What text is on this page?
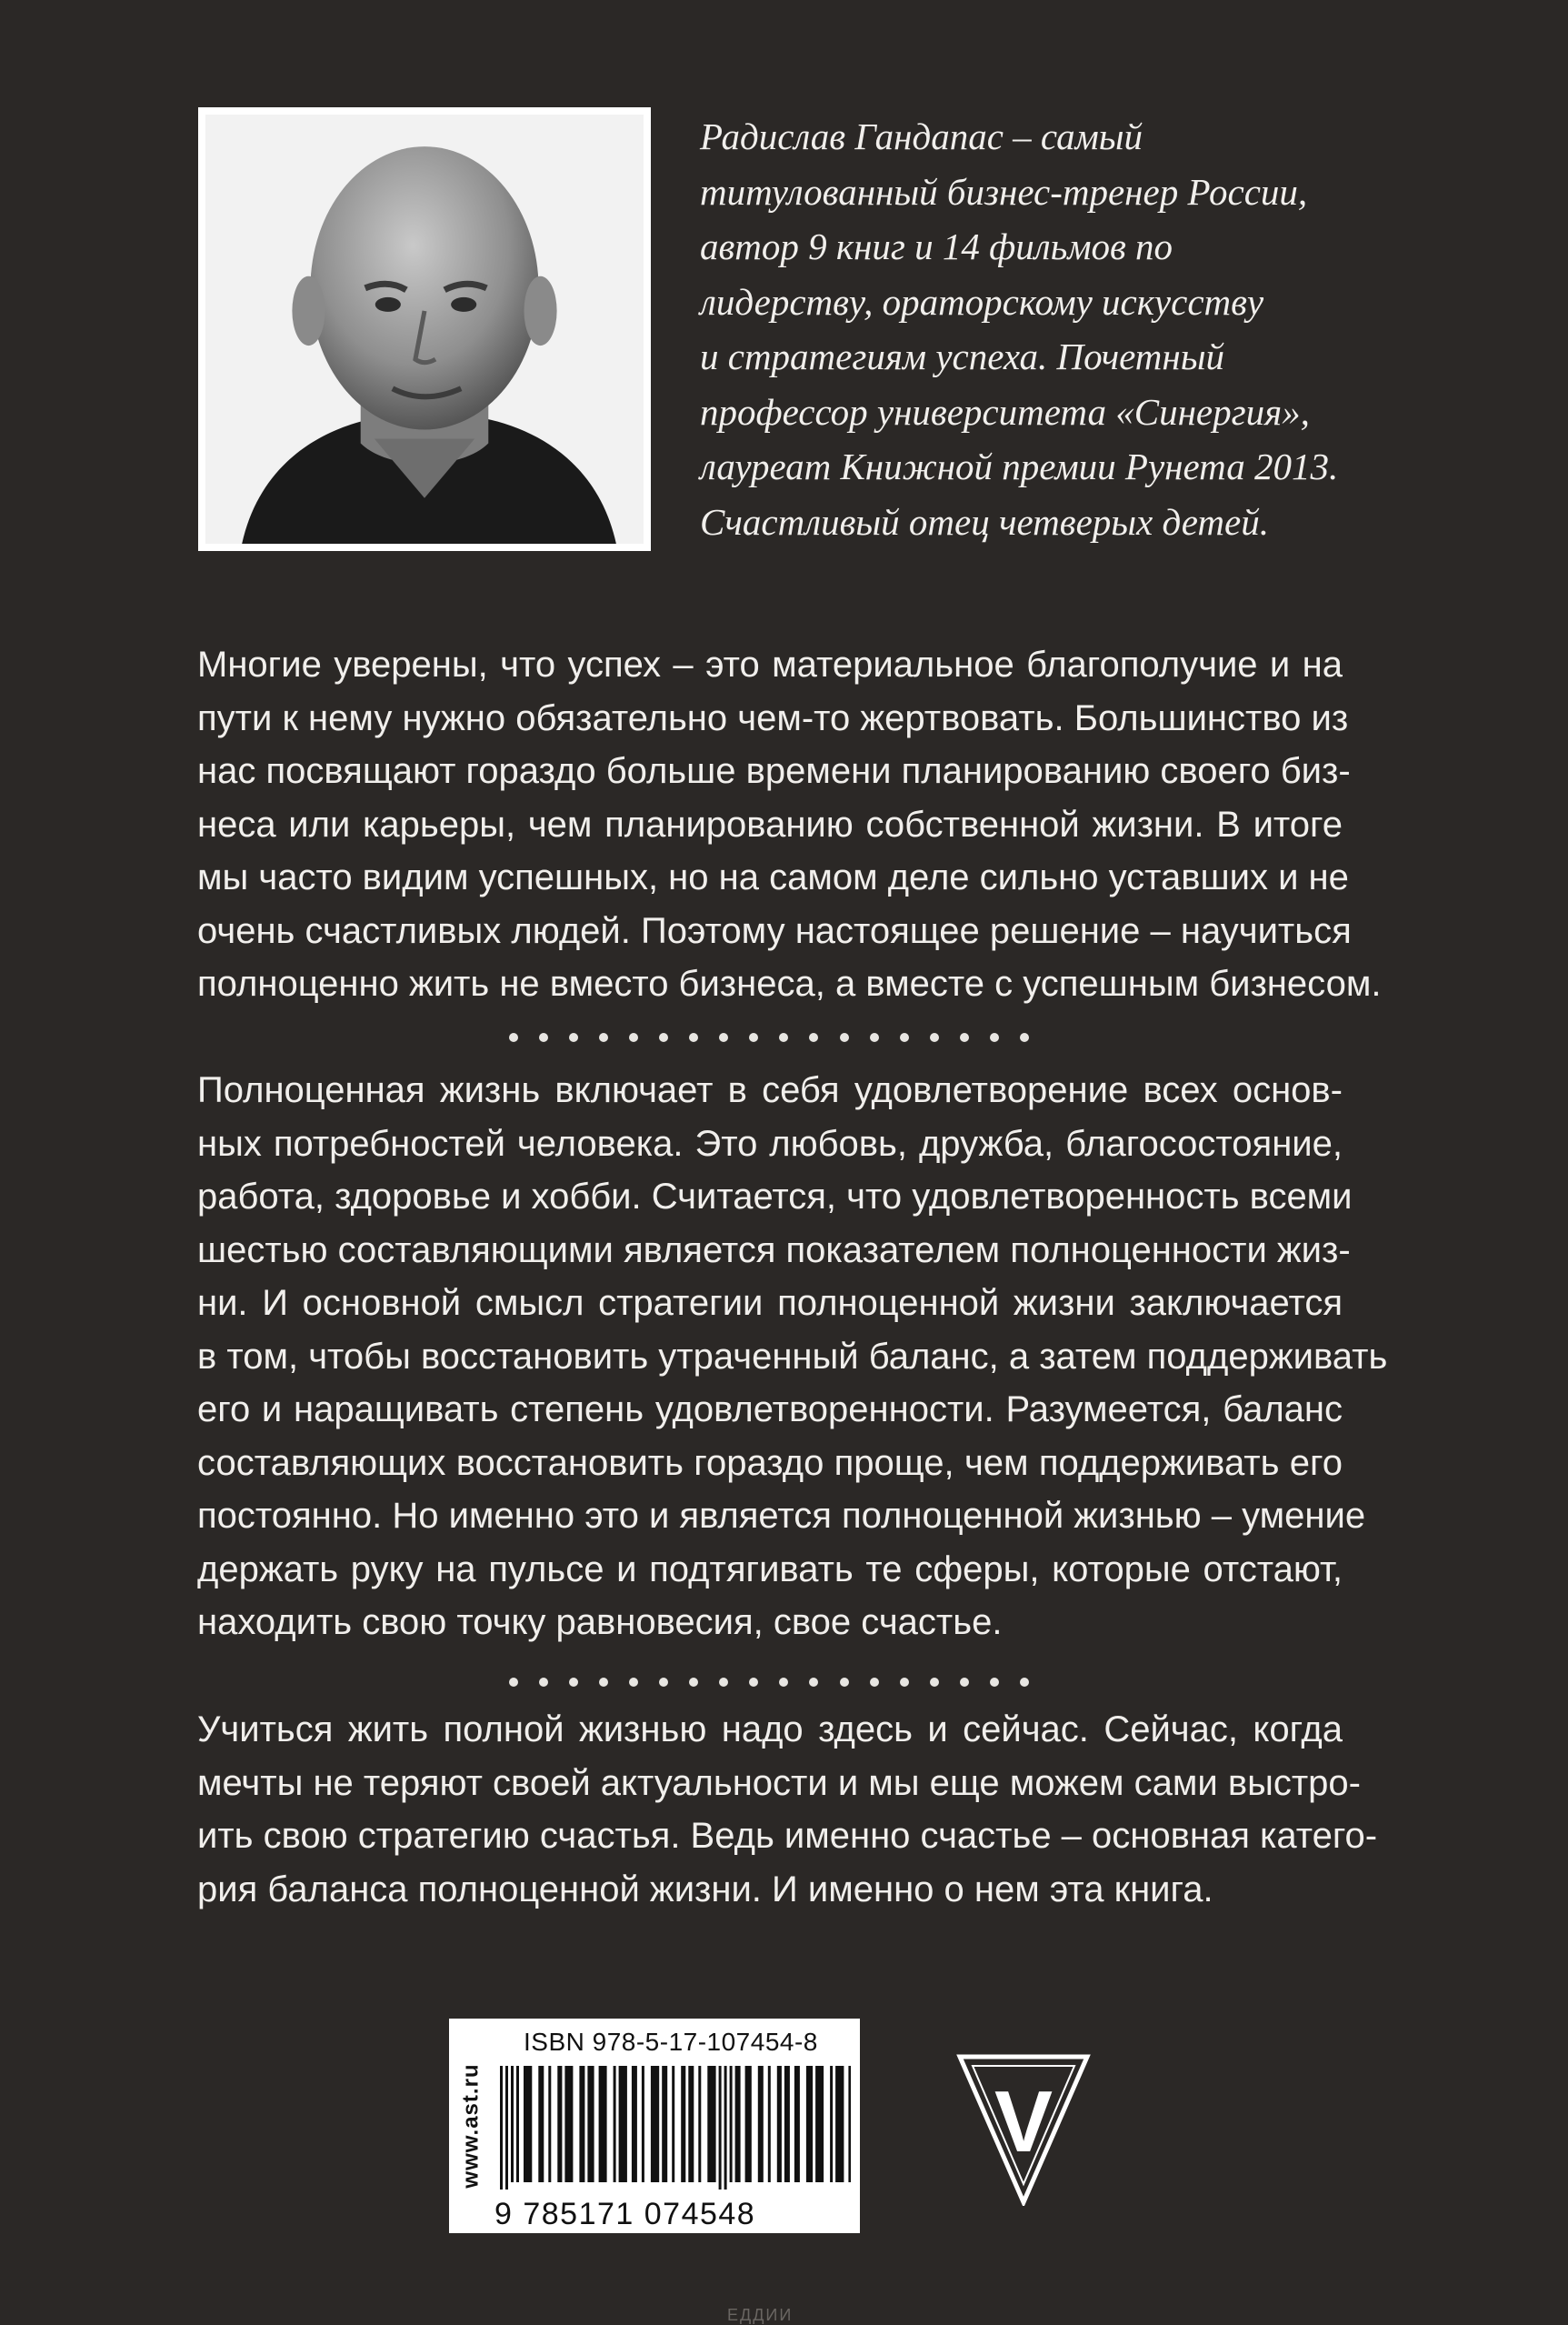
Радислав Гандапас – самый
титулованный бизнес-тренер России,
автор 9 книг и 14 фильмов по
лидерству, ораторскому искусству
и стратегиям успеха. Почетный
профессор университета «Синергия»,
лауреат Книжной премии Рунета 2013.
Счастливый отец четверых детей.
Многие уверены, что успех – это материальное благополучие и на
пути к нему нужно обязательно чем-то жертвовать. Большинство из
нас посвящают гораздо больше времени планированию своего биз-
неса или карьеры, чем планированию собственной жизни. В итоге
мы часто видим успешных, но на самом деле сильно уставших и не
очень счастливых людей. Поэтому настоящее решение – научиться
полноценно жить не вместо бизнеса, а вместе с успешным бизнесом.
Полноценная жизнь включает в себя удовлетворение всех основ-
ных потребностей человека. Это любовь, дружба, благосостояние,
работа, здоровье и хобби. Считается, что удовлетворенность всеми
шестью составляющими является показателем полноценности жиз-
ни. И основной смысл стратегии полноценной жизни заключается
в том, чтобы восстановить утраченный баланс, а затем поддерживать
его и наращивать степень удовлетворенности. Разумеется, баланс
составляющих восстановить гораздо проще, чем поддерживать его
постоянно. Но именно это и является полноценной жизнью – умение
держать руку на пульсе и подтягивать те сферы, которые отстают,
находить свою точку равновесия, свое счастье.
Учиться жить полной жизнью надо здесь и сейчас. Сейчас, когда
мечты не теряют своей актуальности и мы еще можем сами выстро-
ить свою стратегию счастья. Ведь именно счастье – основная катего-
рия баланса полноценной жизни. И именно о нем эта книга.
www.ast.ru
ISBN 978-5-17-107454-8
9 785171 074548
V
ЕДДИИ
